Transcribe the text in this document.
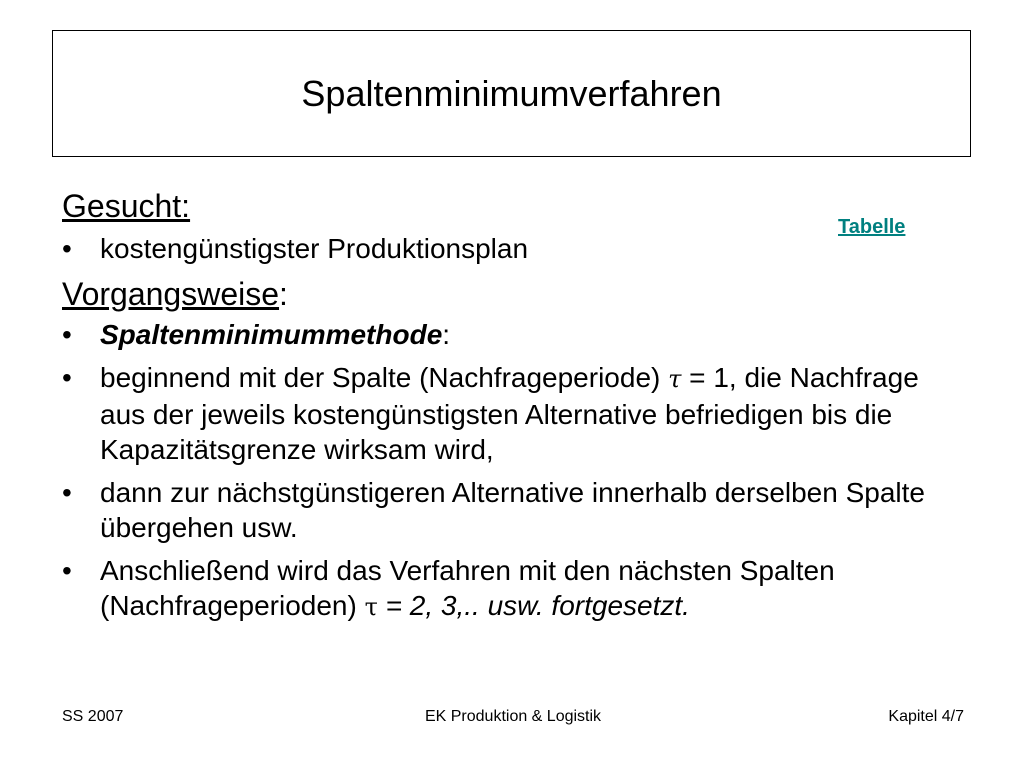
Spaltenminimumverfahren
Tabelle

Gesucht:

• kostengünstigster Produktionsplan

Vorgangsweise:

• Spaltenminimummethode:

• beginnend mit der Spalte (Nachfrageperiode) τ = 1, die Nachfrage aus der jeweils kostengünstigsten Alternative befriedigen bis die Kapazitätsgrenze wirksam wird,

• dann zur nächstgünstigeren Alternative innerhalb derselben Spalte übergehen usw.

• Anschließend wird das Verfahren mit den nächsten Spalten (Nachfrageperioden) τ = 2, 3,.. usw. fortgesetzt.

SS 2007	EK Produktion & Logistik	Kapitel 4/7
